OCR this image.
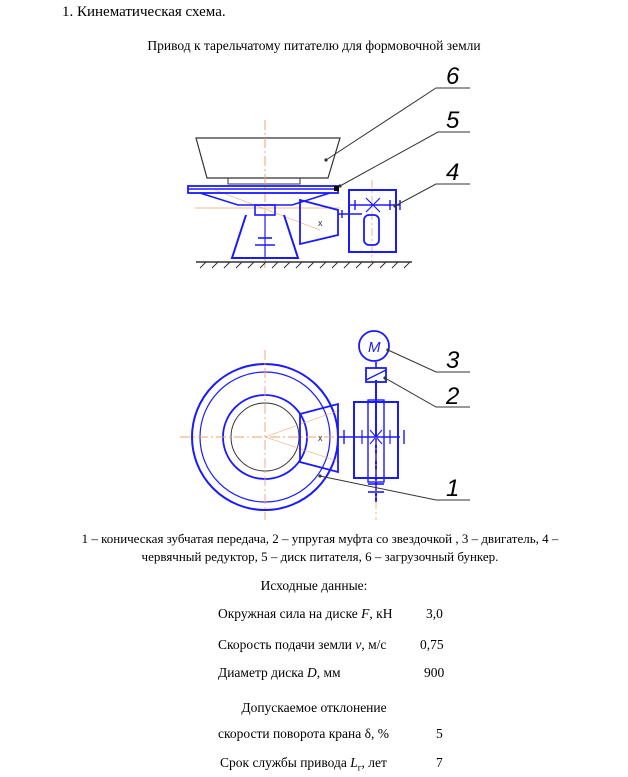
1. Кинематическая схема.
Привод к тарельчатому питателю для формовочной земли
x
x
M
6
5
4
3
2
1
1 – коническая зубчатая передача, 2 – упругая муфта со звездочкой , 3 – двигатель, 4 –
червячный редуктор, 5 – диск питателя, 6 – загрузочный бункер.
Исходные данные:
Окружная сила на диске F, кН 3,0
Скорость подачи земли v, м/с 0,75
Диаметр диска D, мм	900
Допускаемое отклонение
скорости поворота крана δ, %	5
Срок службы привода $L_г$, лет	7
